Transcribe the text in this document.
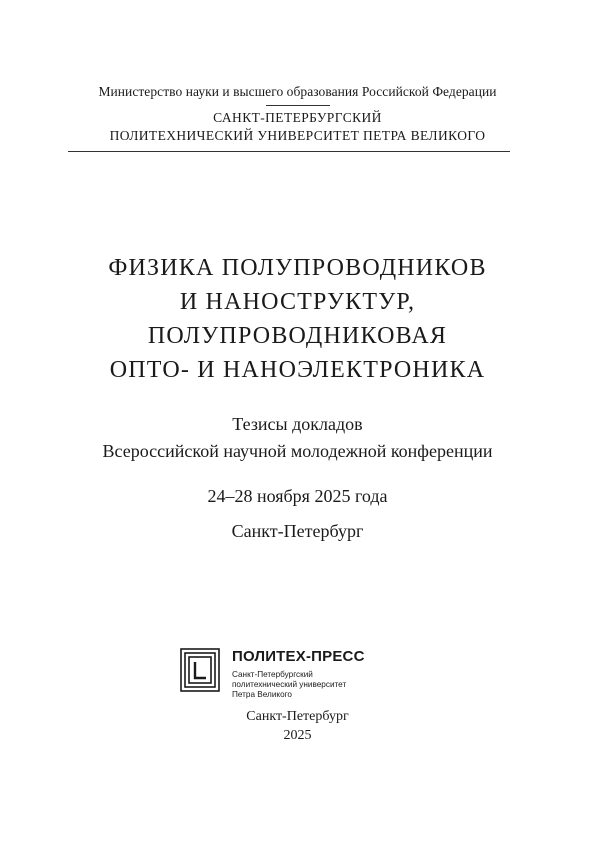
Министерство науки и высшего образования Российской Федерации
САНКТ-ПЕТЕРБУРГСКИЙ
ПОЛИТЕХНИЧЕСКИЙ УНИВЕРСИТЕТ ПЕТРА ВЕЛИКОГО
ФИЗИКА ПОЛУПРОВОДНИКОВ
И НАНОСТРУКТУР,
ПОЛУПРОВОДНИКОВАЯ
ОПТО- И НАНОЭЛЕКТРОНИКА
Тезисы докладов
Всероссийской научной молодежной конференции
24–28 ноября 2025 года
Санкт-Петербург
ПОЛИТЕХ-ПРЕСС
Санкт-Петербургский
политехнический университет
Петра Великого
Санкт-Петербург
2025
